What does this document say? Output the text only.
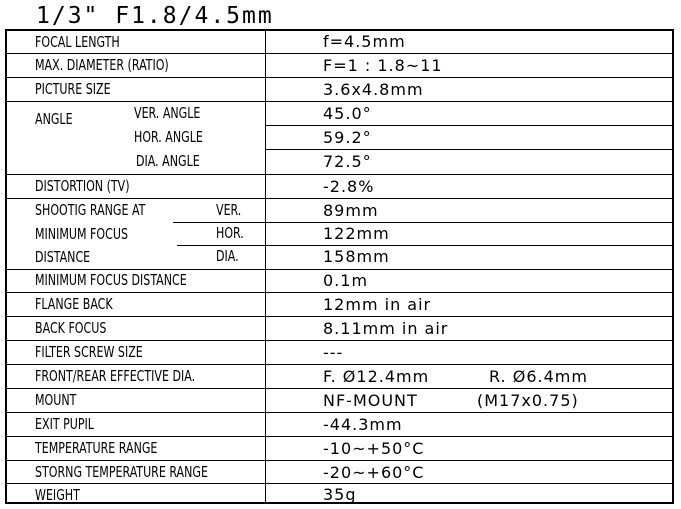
1/3" F1.8/4.5mm
FOCAL LENGTH	f=4.5mm
MAX. DIAMETER (RATIO)	F=1 : 1.8~11
PICTURE SIZE	3.6x4.8mm
ANGLE	VER. ANGLE	45.0°
HOR. ANGLE	59.2°
DIA. ANGLE	72.5°
DISTORTION (TV)	-2.8%
SHOOTIG RANGE AT	VER.	89mm
MINIMUM FOCUS	HOR.	122mm
DISTANCE	DIA.	158mm
MINIMUM FOCUS DISTANCE	0.1m
FLANGE BACK	12mm in air
BACK FOCUS	8.11mm in air
FILTER SCREW SIZE	---
FRONT/REAR EFFECTIVE DIA.	F. Ø12.4mm	R. Ø6.4mm
MOUNT	NF-MOUNT	(M17x0.75)
EXIT PUPIL	-44.3mm
TEMPERATURE RANGE	-10~+50°C
STORNG TEMPERATURE RANGE	-20~+60°C
WEIGHT	35g
